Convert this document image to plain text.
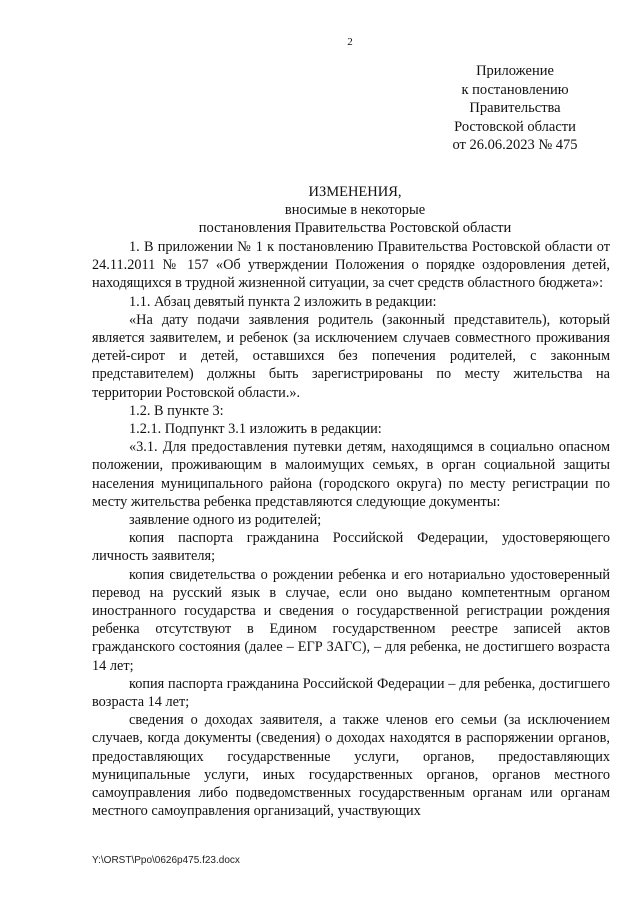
2
Приложение
к постановлению
Правительства
Ростовской области
от 26.06.2023 № 475
ИЗМЕНЕНИЯ,
вносимые в некоторые
постановления Правительства Ростовской области

1. В приложении № 1 к постановлению Правительства Ростовской области от 24.11.2011 № 157 «Об утверждении Положения о порядке оздоровления детей, находящихся в трудной жизненной ситуации, за счет средств областного бюджета»:

1.1. Абзац девятый пункта 2 изложить в редакции:

«На дату подачи заявления родитель (законный представитель), который является заявителем, и ребенок (за исключением случаев совместного проживания детей-сирот и детей, оставшихся без попечения родителей, с законным представителем) должны быть зарегистрированы по месту жительства на территории Ростовской области.».

1.2. В пункте 3:

1.2.1. Подпункт 3.1 изложить в редакции:

«3.1. Для предоставления путевки детям, находящимся в социально опасном положении, проживающим в малоимущих семьях, в орган социальной защиты населения муниципального района (городского округа) по месту регистрации по месту жительства ребенка представляются следующие документы:

заявление одного из родителей;

копия паспорта гражданина Российской Федерации, удостоверяющего личность заявителя;

копия свидетельства о рождении ребенка и его нотариально удостоверенный перевод на русский язык в случае, если оно выдано компетентным органом иностранного государства и сведения о государственной регистрации рождения ребенка отсутствуют в Едином государственном реестре записей актов гражданского состояния (далее – ЕГР ЗАГС), – для ребенка, не достигшего возраста 14 лет;

копия паспорта гражданина Российской Федерации – для ребенка, достигшего возраста 14 лет;

сведения о доходах заявителя, а также членов его семьи (за исключением случаев, когда документы (сведения) о доходах находятся в распоряжении органов, предоставляющих государственные услуги, органов, предоставляющих муниципальные услуги, иных государственных органов, органов местного самоуправления либо подведомственных государственным органам или органам местного самоуправления организаций, участвующих

Y:\ORST\Ppo\0626p475.f23.docx
